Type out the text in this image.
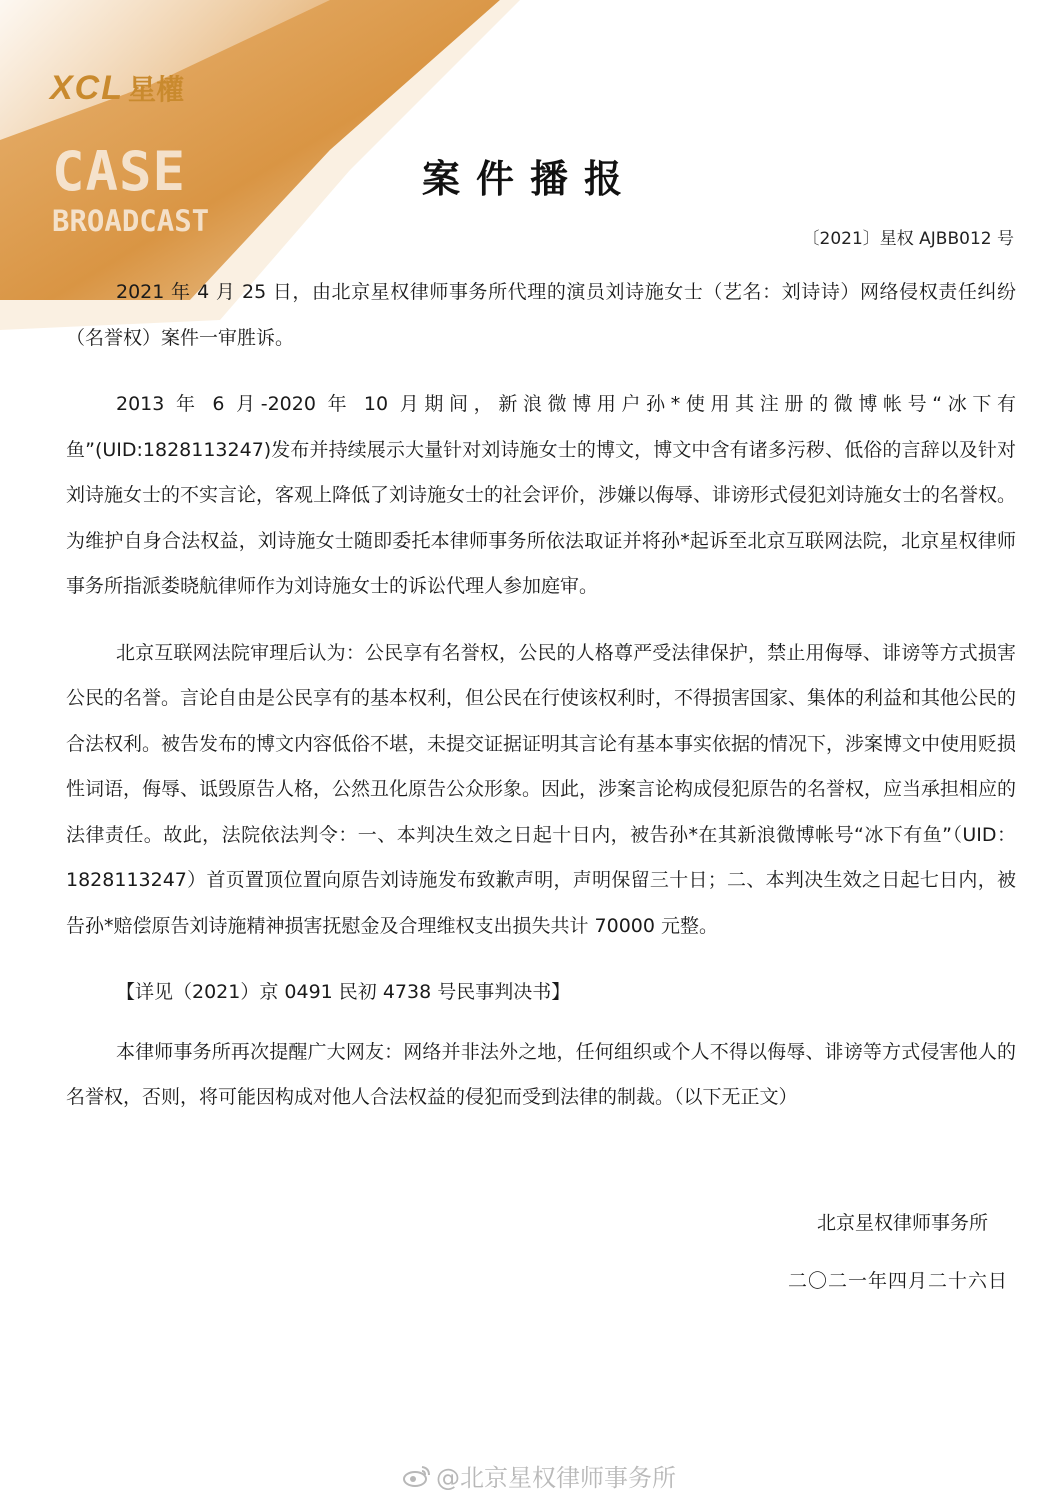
XCL 星權
CASE
BROADCAST
案件播报
〔2021〕星权 AJBB012 号

2021 年 4 月 25 日，由北京星权律师事务所代理的演员刘诗施女士（艺名：刘诗诗）网络侵权责任纠纷（名誉权）案件一审胜诉。

2013 年 6 月-2020 年 10 月期间，新浪微博用户孙*使用其注册的微博帐号“冰下有鱼”(UID:1828113247)发布并持续展示大量针对刘诗施女士的博文，博文中含有诸多污秽、低俗的言辞以及针对刘诗施女士的不实言论，客观上降低了刘诗施女士的社会评价，涉嫌以侮辱、诽谤形式侵犯刘诗施女士的名誉权。为维护自身合法权益，刘诗施女士随即委托本律师事务所依法取证并将孙*起诉至北京互联网法院，北京星权律师事务所指派娄晓航律师作为刘诗施女士的诉讼代理人参加庭审。

北京互联网法院审理后认为：公民享有名誉权，公民的人格尊严受法律保护，禁止用侮辱、诽谤等方式损害公民的名誉。言论自由是公民享有的基本权利，但公民在行使该权利时，不得损害国家、集体的利益和其他公民的合法权利。被告发布的博文内容低俗不堪，未提交证据证明其言论有基本事实依据的情况下，涉案博文中使用贬损性词语，侮辱、诋毁原告人格，公然丑化原告公众形象。因此，涉案言论构成侵犯原告的名誉权，应当承担相应的法律责任。故此，法院依法判令：一、本判决生效之日起十日内，被告孙*在其新浪微博帐号“冰下有鱼”（UID：1828113247）首页置顶位置向原告刘诗施发布致歉声明，声明保留三十日；二、本判决生效之日起七日内，被告孙*赔偿原告刘诗施精神损害抚慰金及合理维权支出损失共计 70000 元整。

【详见（2021）京 0491 民初 4738 号民事判决书】

本律师事务所再次提醒广大网友：网络并非法外之地，任何组织或个人不得以侮辱、诽谤等方式侵害他人的名誉权，否则，将可能因构成对他人合法权益的侵犯而受到法律的制裁。（以下无正文）

北京星权律师事务所
二〇二一年四月二十六日
@北京星权律师事务所
